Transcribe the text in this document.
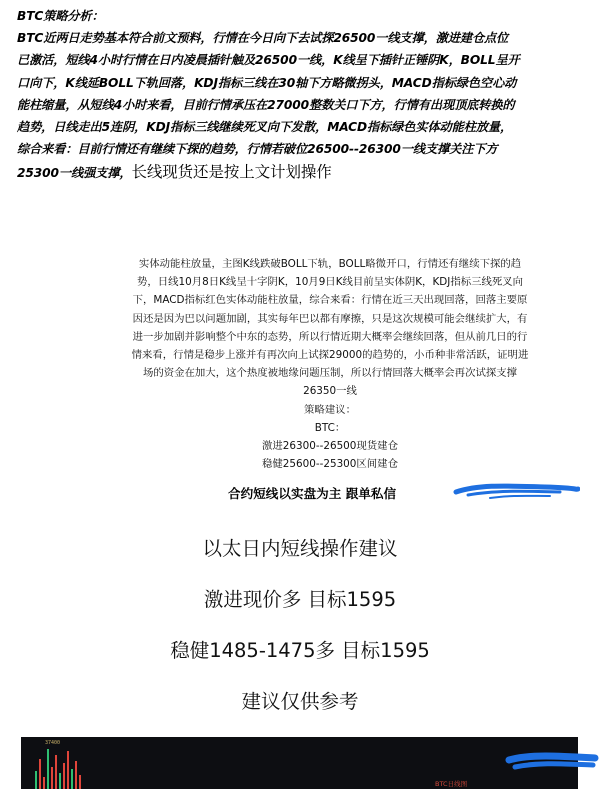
BTC策略分析：
BTC近两日走势基本符合前文预料，行情在今日向下去试探26500一线支撑，激进建仓点位
已激活，短线4小时行情在日内凌晨插针触及26500一线，K线呈下插针正锤阴K，BOLL呈开
口向下，K线延BOLL下轨回落，KDJ指标三线在30轴下方略微拐头，MACD指标绿色空心动
能柱缩量，从短线4小时来看，目前行情承压在27000整数关口下方，行情有出现顶底转换的
趋势，日线走出5连阴，KDJ指标三线继续死叉向下发散，MACD指标绿色实体动能柱放量，
综合来看：目前行情还有继续下探的趋势，行情若破位26500--26300一线支撑关注下方
25300一线强支撑，长线现货还是按上文计划操作
实体动能柱放量，主图K线跌破BOLL下轨，BOLL略微开口，行情还有继续下探的趋
势，日线10月8日K线呈十字阴K，10月9日K线目前呈实体阴K，KDJ指标三线死叉向
下，MACD指标红色实体动能柱放量，综合来看：行情在近三天出现回落，回落主要原
因还是因为巴以问题加剧，其实每年巴以都有摩擦，只是这次规模可能会继续扩大，有
进一步加剧并影响整个中东的态势，所以行情近期大概率会继续回落，但从前几日的行
情来看，行情是稳步上涨并有再次向上试探29000的趋势的，小币种非常活跃，证明进
场的资金在加大，这个热度被地缘问题压制，所以行情回落大概率会再次试探支撑
26350一线
策略建议：
BTC：
激进26300--26500现货建仓
稳健25600--25300区间建仓
合约短线以实盘为主 跟单私信
以太日内短线操作建议
激进现价多 目标1595
稳健1485-1475多 目标1595
建议仅供参考
37400
BTC日线图
